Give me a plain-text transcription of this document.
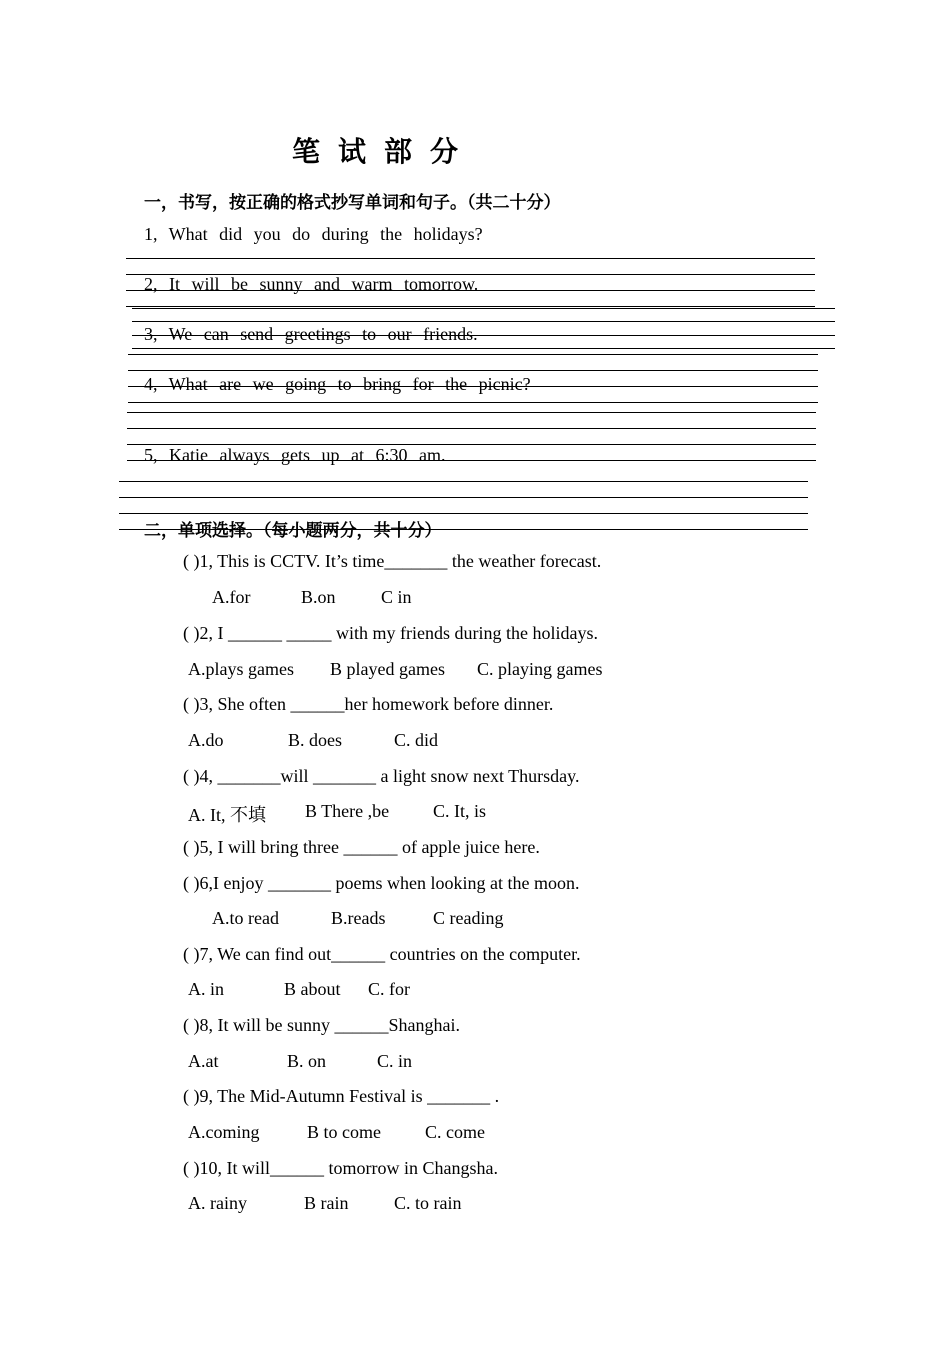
笔试部分
一，书写，按正确的格式抄写单词和句子。（共二十分）
1, What did you do during the holidays?
2, It will be sunny and warm tomorrow.
3, We can send greetings to our friends.
4, What are we going to bring for the picnic?
5, Katie always gets up at 6:30 am.
二，单项选择。（每小题两分，共十分）
( )1, This is CCTV. It’s time_______ the weather forecast.
A.for	B.on	C in
( )2, I ______ _____ with my friends during the holidays.
A.plays games B played games C. playing games
( )3, She often ______her homework before dinner.
A.do	B. does	C. did
( )4, _______will _______ a light snow next Thursday.
A. It, 不填 B There ,be C. It, is
( )5, I will bring three ______ of apple juice here.
( )6,I enjoy _______ poems when looking at the moon.
A.to read	B.reads	C reading
( )7, We can find out______ countries on the computer.
A. in	B about C. for
( )8, It will be sunny ______Shanghai.
A.at	B. on	C. in
( )9, The Mid-Autumn Festival is _______ .
A.coming	B to come C. come
( )10, It will______ tomorrow in Changsha.
A. rainy	B rain	C. to rain
